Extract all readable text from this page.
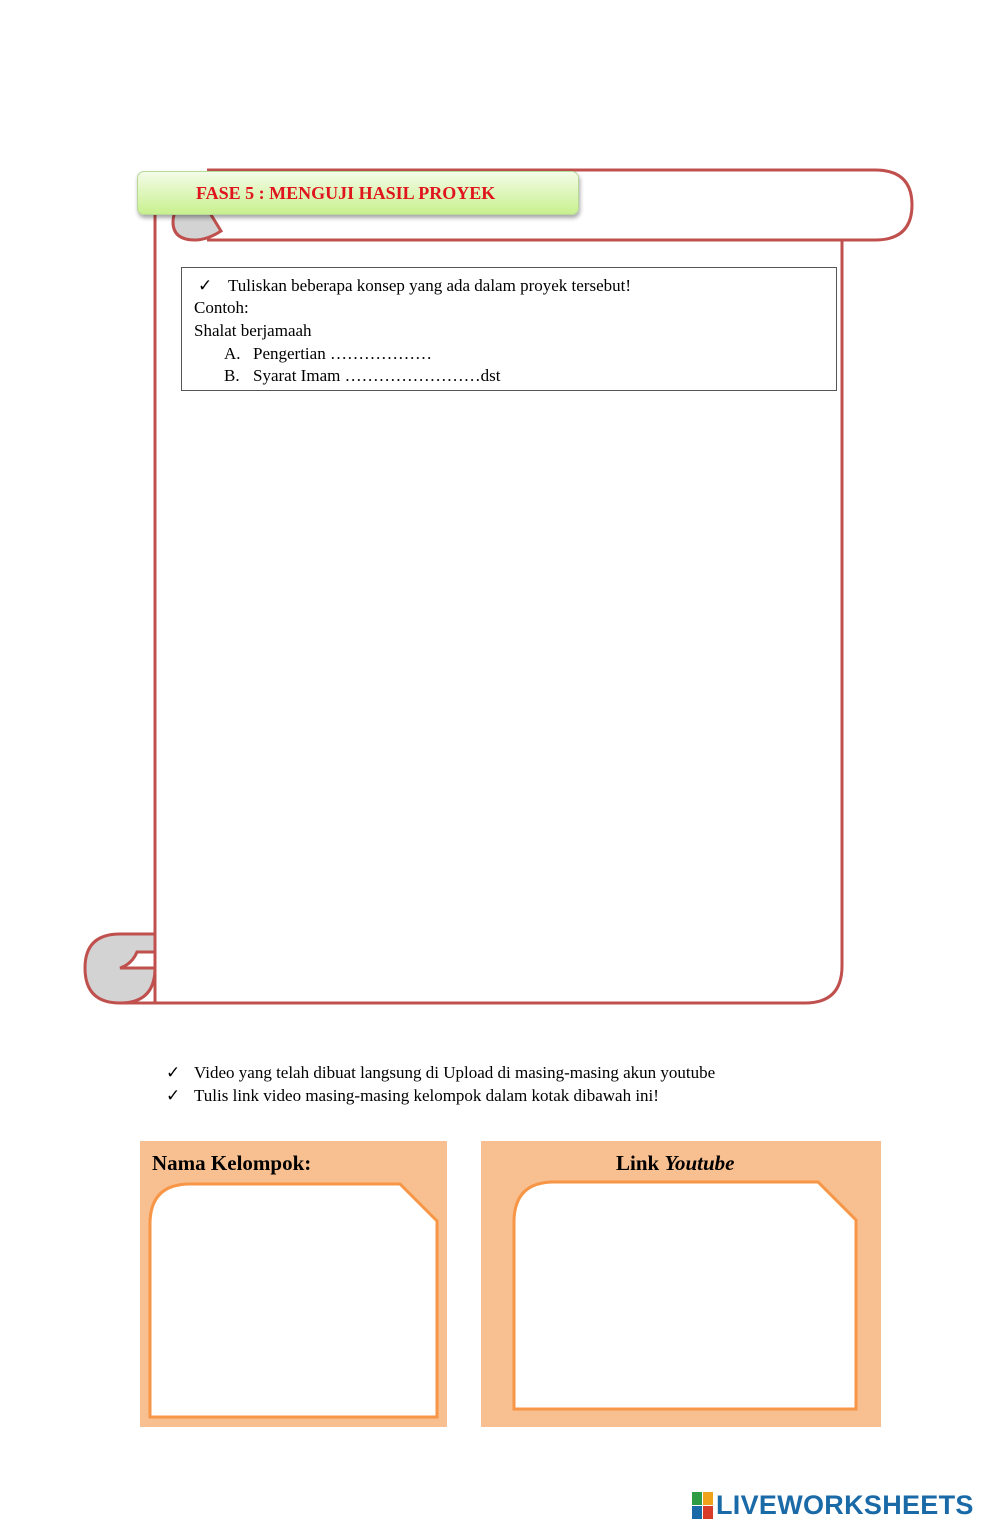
FASE 5 : MENGUJI HASIL PROYEK
✓ Tuliskan beberapa konsep yang ada dalam proyek tersebut!
Contoh:
Shalat berjamaah
A. Pengertian ………………
B. Syarat Imam ……………………dst
✓ Video yang telah dibuat langsung di Upload di masing-masing akun youtube
✓ Tulis link video masing-masing kelompok dalam kotak dibawah ini!
Nama Kelompok:	Link Youtube
LIVEWORKSHEETS
